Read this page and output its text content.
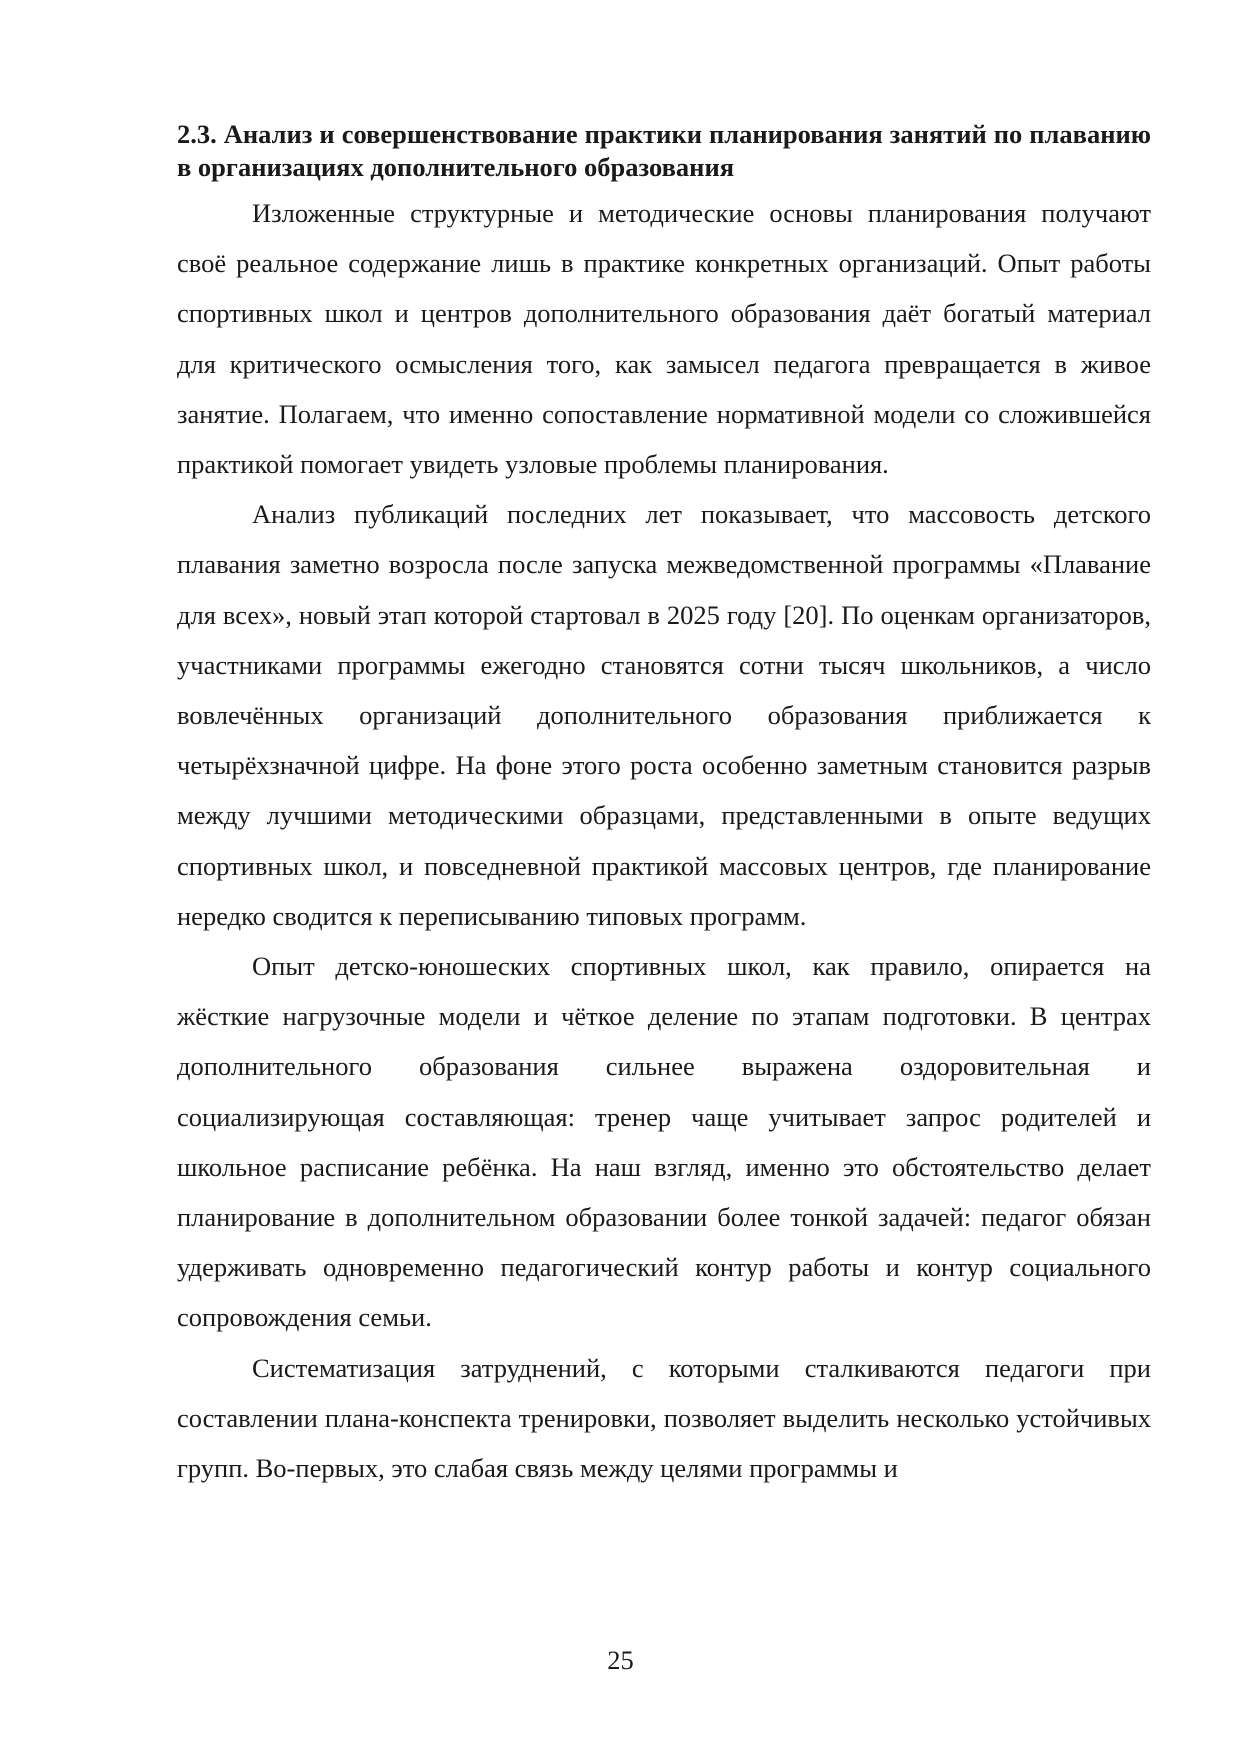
2.3. Анализ и совершенствование практики планирования занятий по плаванию в организациях дополнительного образования

Изложенные структурные и методические основы планирования получают своё реальное содержание лишь в практике конкретных организаций. Опыт работы спортивных школ и центров дополнительного образования даёт богатый материал для критического осмысления того, как замысел педагога превращается в живое занятие. Полагаем, что именно сопоставление нормативной модели со сложившейся практикой помогает увидеть узловые проблемы планирования.

Анализ публикаций последних лет показывает, что массовость детского плавания заметно возросла после запуска межведомственной программы «Плавание для всех», новый этап которой стартовал в 2025 году [20]. По оценкам организаторов, участниками программы ежегодно становятся сотни тысяч школьников, а число вовлечённых организаций дополнительного образования приближается к четырёхзначной цифре. На фоне этого роста особенно заметным становится разрыв между лучшими методическими образцами, представленными в опыте ведущих спортивных школ, и повседневной практикой массовых центров, где планирование нередко сводится к переписыванию типовых программ.

Опыт детско-юношеских спортивных школ, как правило, опирается на жёсткие нагрузочные модели и чёткое деление по этапам подготовки. В центрах дополнительного образования сильнее выражена оздоровительная и социализирующая составляющая: тренер чаще учитывает запрос родителей и школьное расписание ребёнка. На наш взгляд, именно это обстоятельство делает планирование в дополнительном образовании более тонкой задачей: педагог обязан удерживать одновременно педагогический контур работы и контур социального сопровождения семьи.

Систематизация затруднений, с которыми сталкиваются педагоги при составлении плана-конспекта тренировки, позволяет выделить несколько устойчивых групп. Во-первых, это слабая связь между целями программы и

25
